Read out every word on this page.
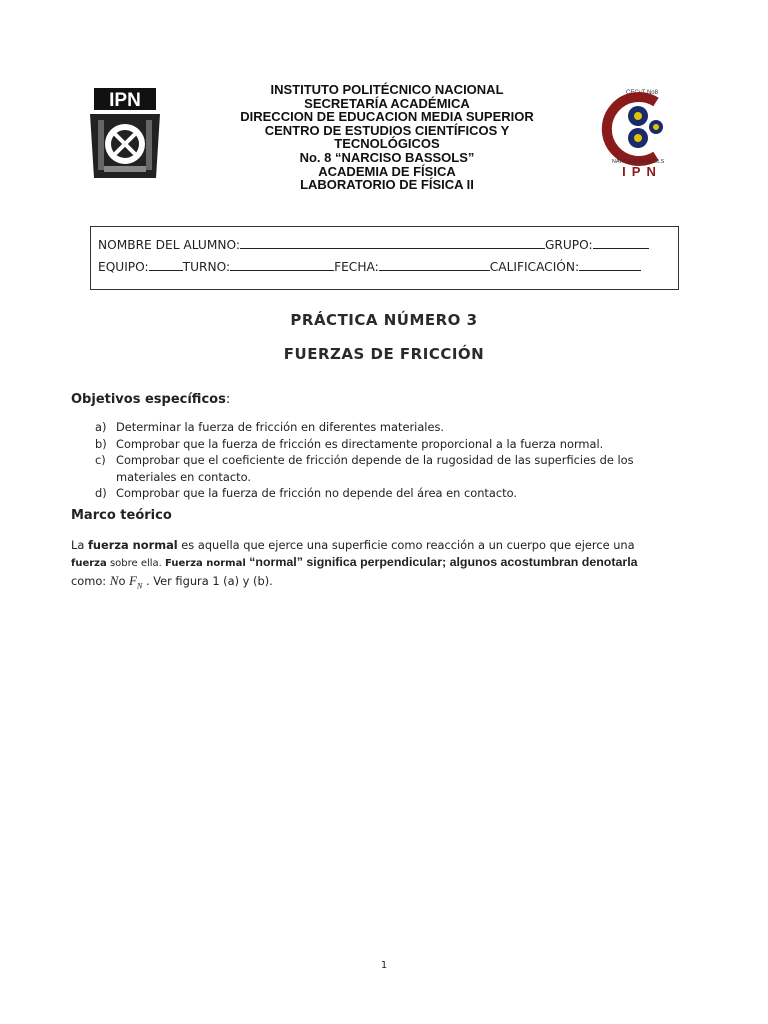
IPN
INSTITUTO POLITÉCNICO NACIONAL
SECRETARÍA ACADÉMICA
DIRECCION DE EDUCACION MEDIA SUPERIOR
CENTRO DE ESTUDIOS CIENTÍFICOS Y
TECNOLÓGICOS
No. 8 “NARCISO BASSOLS”
ACADEMIA DE FÍSICA
LABORATORIO DE FÍSICA II
CECyT No8
NARCISO BASSOLS
IPN
NOMBRE DEL ALUMNO:	GRUPO:
EQUIPO:	TURNO:	FECHA:	CALIFICACIÓN:
PRÁCTICA NÚMERO 3
FUERZAS DE FRICCIÓN
Objetivos específicos:
a) Determinar la fuerza de fricción en diferentes materiales.
b) Comprobar que la fuerza de fricción es directamente proporcional a la fuerza normal.
c) Comprobar que el coeficiente de fricción depende de la rugosidad de las superficies de los materiales en contacto.
d) Comprobar que la fuerza de fricción no depende del área en contacto.
Marco teórico
La fuerza normal es aquella que ejerce una superficie como reacción a un cuerpo que ejerce una
fuerza sobre ella. Fuerza normal “normal” significa perpendicular; algunos acostumbran denotarla
como: No $F_N$ . Ver figura 1 (a) y (b).
1
